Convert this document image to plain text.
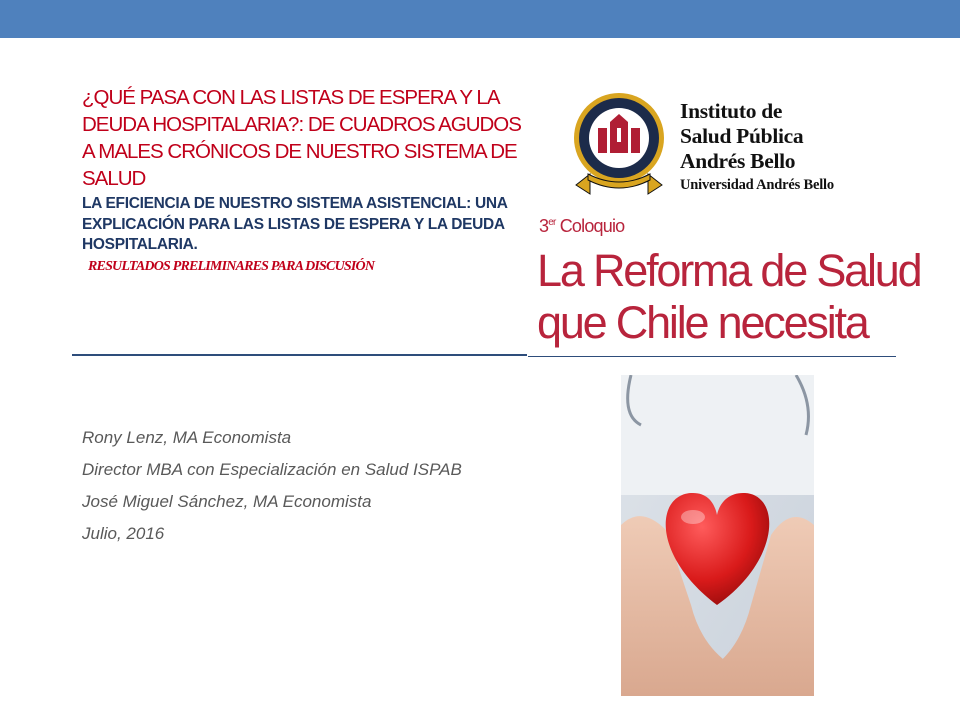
¿QUÉ PASA CON LAS LISTAS DE ESPERA Y LA DEUDA HOSPITALARIA?: DE CUADROS AGUDOS A MALES CRÓNICOS DE NUESTRO SISTEMA DE SALUD

LA EFICIENCIA DE NUESTRO SISTEMA ASISTENCIAL: UNA EXPLICACIÓN PARA LAS LISTAS DE ESPERA Y LA DEUDA HOSPITALARIA.

RESULTADOS PRELIMINARES PARA DISCUSIÓN

Instituto de
Salud Pública
Andrés Bello
Universidad Andrés Bello
3er Coloquio
La Reforma de Salud
que Chile necesita

Rony Lenz, MA Economista

Director MBA con Especialización en Salud ISPAB

José Miguel Sánchez, MA Economista

Julio, 2016
